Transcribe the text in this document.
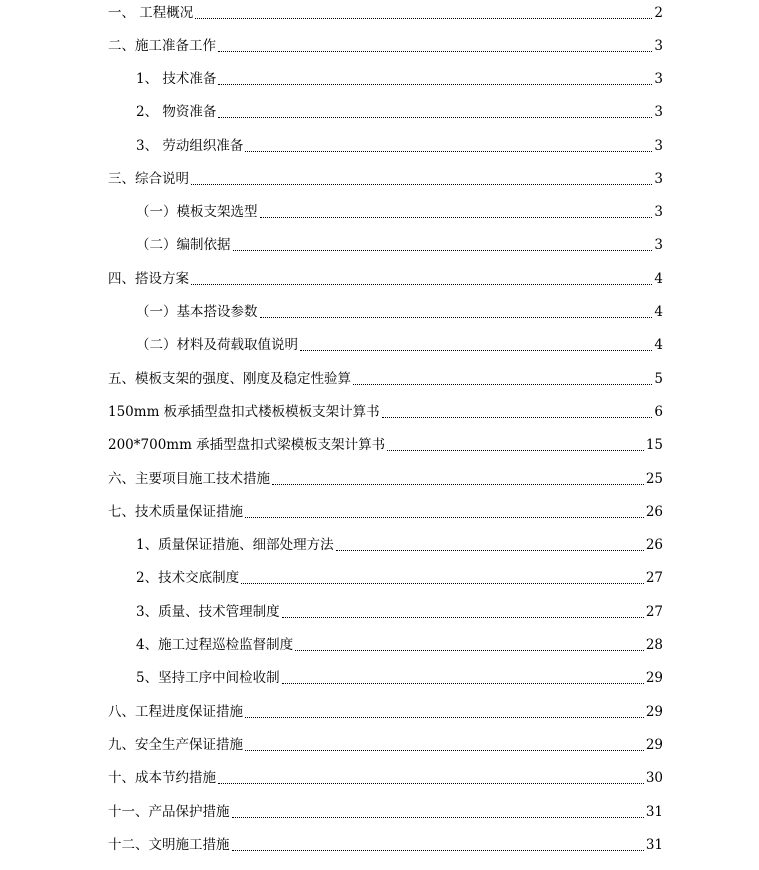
一、 工程概况	2
二、施工准备工作	3
1、 技术准备	3
2、 物资准备	3
3、 劳动组织准备	3
三、综合说明	3
（一）模板支架选型	3
（二）编制依据	3
四、搭设方案	4
（一）基本搭设参数	4
（二）材料及荷载取值说明	4
五、模板支架的强度、刚度及稳定性验算	5
150mm 板承插型盘扣式楼板模板支架计算书	6
200*700mm 承插型盘扣式梁模板支架计算书	15
六、主要项目施工技术措施	25
七、技术质量保证措施	26
1、质量保证措施、细部处理方法	26
2、技术交底制度	27
3、质量、技术管理制度	27
4、施工过程巡检监督制度	28
5、坚持工序中间检收制	29
八、工程进度保证措施	29
九、安全生产保证措施	29
十、成本节约措施	30
十一、产品保护措施	31
十二、文明施工措施	31
